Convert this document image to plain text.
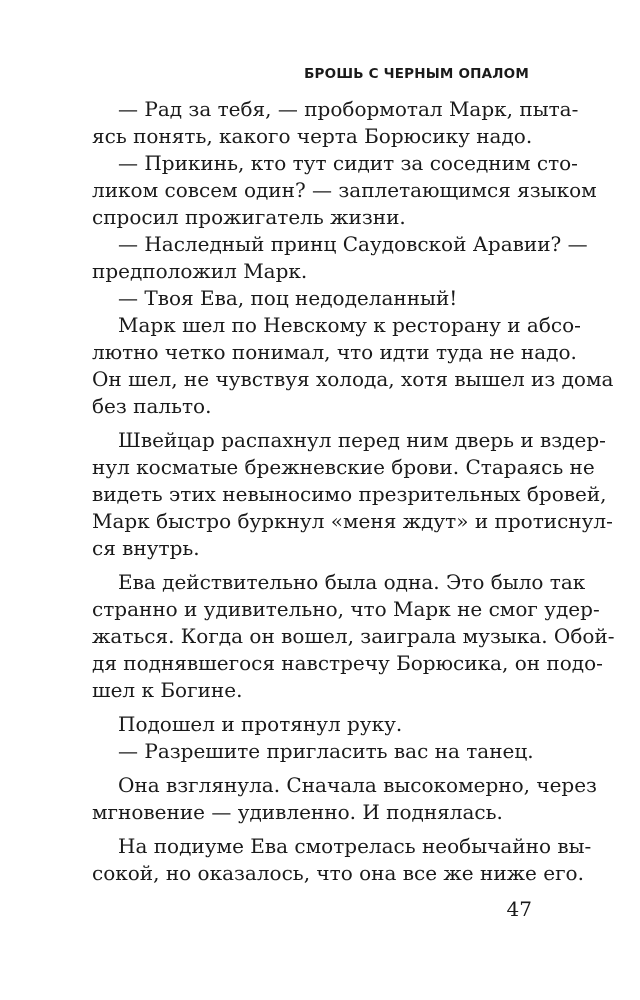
БРОШЬ С ЧЕРНЫМ ОПАЛОМ
— Рад за тебя, — пробормотал Марк, пыта-
ясь понять, какого черта Борюсику надо.
— Прикинь, кто тут сидит за соседним сто-
ликом совсем один? — заплетающимся языком
спросил прожигатель жизни.
— Наследный принц Саудовской Аравии? —
предположил Марк.
— Твоя Ева, поц недоделанный!
Марк шел по Невскому к ресторану и абсо-
лютно четко понимал, что идти туда не надо.
Он шел, не чувствуя холода, хотя вышел из дома
без пальто.
Швейцар распахнул перед ним дверь и вздер-
нул косматые брежневские брови. Стараясь не
видеть этих невыносимо презрительных бровей,
Марк быстро буркнул «меня ждут» и протиснул-
ся внутрь.
Ева действительно была одна. Это было так
странно и удивительно, что Марк не смог удер-
жаться. Когда он вошел, заиграла музыка. Обой-
дя поднявшегося навстречу Борюсика, он подо-
шел к Богине.
Подошел и протянул руку.
— Разрешите пригласить вас на танец.
Она взглянула. Сначала высокомерно, через
мгновение — удивленно. И поднялась.
На подиуме Ева смотрелась необычайно вы-
сокой, но оказалось, что она все же ниже его.
47
